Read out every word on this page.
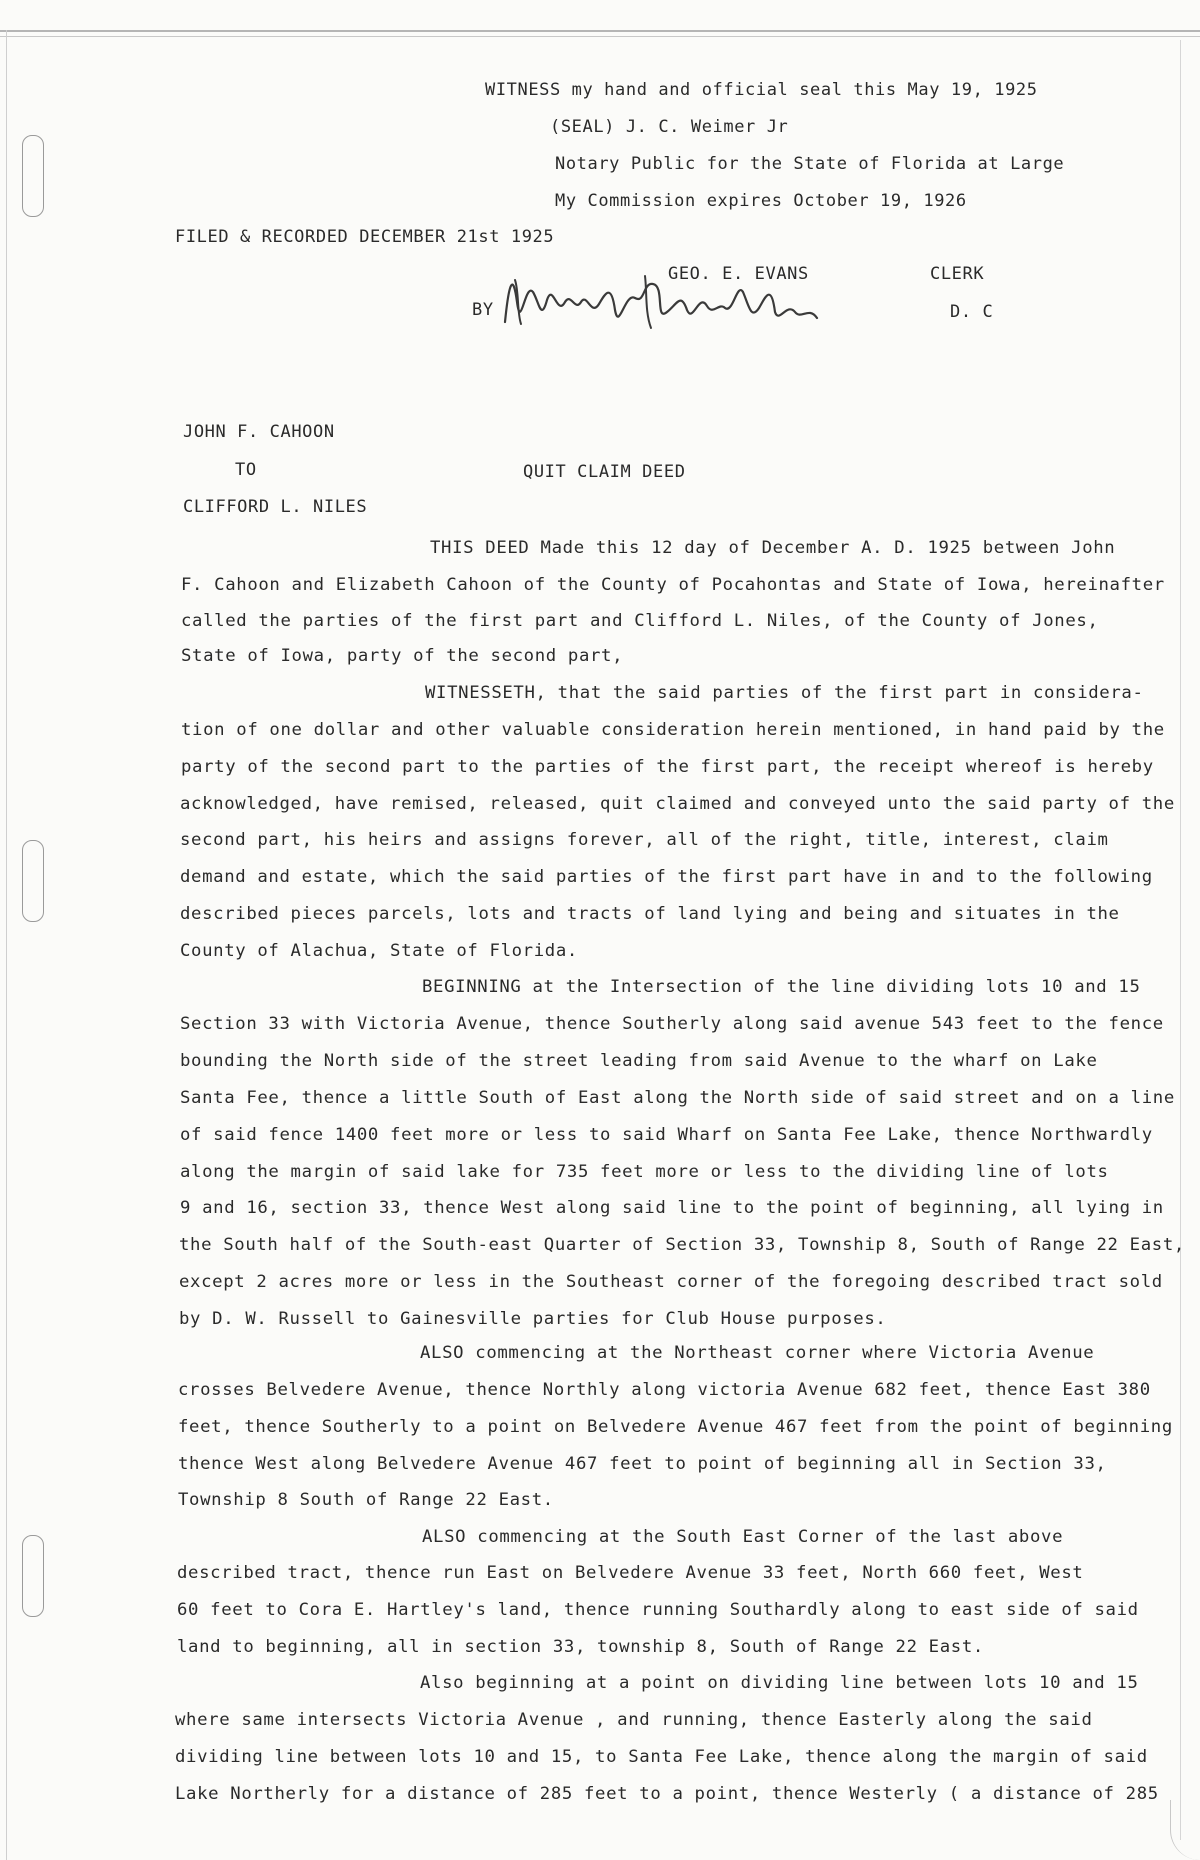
WITNESS my hand and official seal this May 19, 1925
(SEAL) J. C. Weimer Jr
Notary Public for the State of Florida at Large
My Commission expires October 19, 1926
FILED & RECORDED DECEMBER 21st 1925
GEO. E. EVANS	CLERK
BY	D. C
JOHN F. CAHOON
TO	QUIT CLAIM DEED
CLIFFORD L. NILES
THIS DEED Made this 12 day of December A. D. 1925 between John
F. Cahoon and Elizabeth Cahoon of the County of Pocahontas and State of Iowa, hereinafter
called the parties of the first part and Clifford L. Niles, of the County of Jones,
State of Iowa, party of the second part,
WITNESSETH, that the said parties of the first part in considera-
tion of one dollar and other valuable consideration herein mentioned, in hand paid by the
party of the second part to the parties of the first part, the receipt whereof is hereby
acknowledged, have remised, released, quit claimed and conveyed unto the said party of the
second part, his heirs and assigns forever, all of the right, title, interest, claim
demand and estate, which the said parties of the first part have in and to the following
described pieces parcels, lots and tracts of land lying and being and situates in the
County of Alachua, State of Florida.
BEGINNING at the Intersection of the line dividing lots 10 and 15
Section 33 with Victoria Avenue, thence Southerly along said avenue 543 feet to the fence
bounding the North side of the street leading from said Avenue to the wharf on Lake
Santa Fee, thence a little South of East along the North side of said street and on a line
of said fence 1400 feet more or less to said Wharf on Santa Fee Lake, thence Northwardly
along the margin of said lake for 735 feet more or less to the dividing line of lots
9 and 16, section 33, thence West along said line to the point of beginning, all lying in
the South half of the South-east Quarter of Section 33, Township 8, South of Range 22 East,
except 2 acres more or less in the Southeast corner of the foregoing described tract sold
by D. W. Russell to Gainesville parties for Club House purposes.
ALSO commencing at the Northeast corner where Victoria Avenue
crosses Belvedere Avenue, thence Northly along victoria Avenue 682 feet, thence East 380
feet, thence Southerly to a point on Belvedere Avenue 467 feet from the point of beginning
thence West along Belvedere Avenue 467 feet to point of beginning all in Section 33,
Township 8 South of Range 22 East.
ALSO commencing at the South East Corner of the last above
described tract, thence run East on Belvedere Avenue 33 feet, North 660 feet, West
60 feet to Cora E. Hartley's land, thence running Southardly along to east side of said
land to beginning, all in section 33, township 8, South of Range 22 East.
Also beginning at a point on dividing line between lots 10 and 15
where same intersects Victoria Avenue , and running, thence Easterly along the said
dividing line between lots 10 and 15, to Santa Fee Lake, thence along the margin of said
Lake Northerly for a distance of 285 feet to a point, thence Westerly ( a distance of 285
